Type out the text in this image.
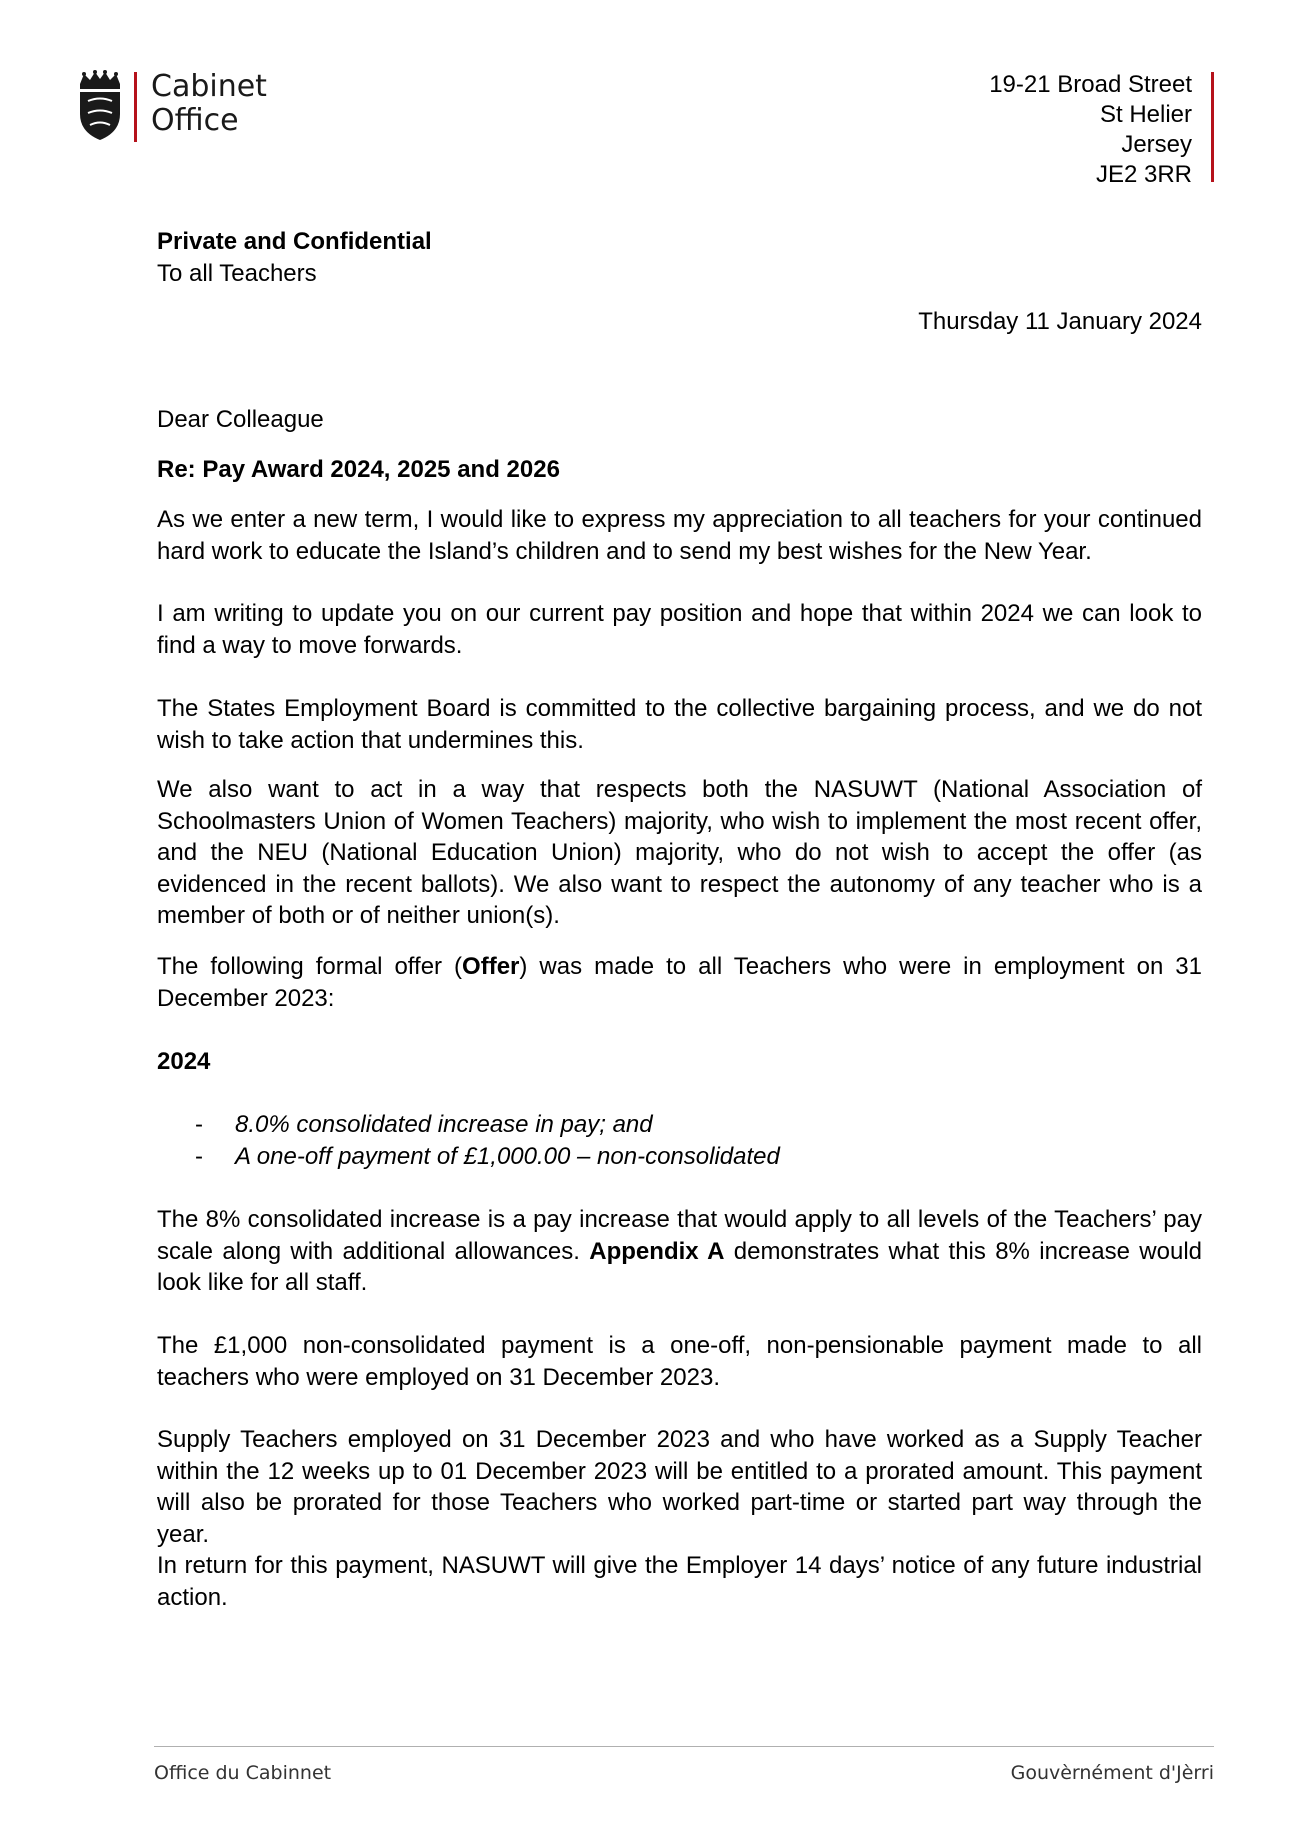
Cabinet
Office
19-21 Broad Street
St Helier
Jersey
JE2 3RR
Private and Confidential
To all Teachers
Thursday 11 January 2024

Dear Colleague

Re: Pay Award 2024, 2025 and 2026

As we enter a new term, I would like to express my appreciation to all teachers for your continued hard work to educate the Island’s children and to send my best wishes for the New Year.

I am writing to update you on our current pay position and hope that within 2024 we can look to find a way to move forwards.

The States Employment Board is committed to the collective bargaining process, and we do not wish to take action that undermines this.

We also want to act in a way that respects both the NASUWT (National Association of Schoolmasters Union of Women Teachers) majority, who wish to implement the most recent offer, and the NEU (National Education Union) majority, who do not wish to accept the offer (as evidenced in the recent ballots). We also want to respect the autonomy of any teacher who is a member of both or of neither union(s).

The following formal offer (Offer) was made to all Teachers who were in employment on 31 December 2023:

2024

- 8.0% consolidated increase in pay; and
- A one-off payment of £1,000.00 – non-consolidated

The 8% consolidated increase is a pay increase that would apply to all levels of the Teachers’ pay scale along with additional allowances. Appendix A demonstrates what this 8% increase would look like for all staff.

The £1,000 non-consolidated payment is a one-off, non-pensionable payment made to all teachers who were employed on 31 December 2023.

Supply Teachers employed on 31 December 2023 and who have worked as a Supply Teacher within the 12 weeks up to 01 December 2023 will be entitled to a prorated amount. This payment will also be prorated for those Teachers who worked part-time or started part way through the year.

In return for this payment, NASUWT will give the Employer 14 days’ notice of any future industrial action.

Office du Cabinnet	Gouvèrnément d'Jèrri
